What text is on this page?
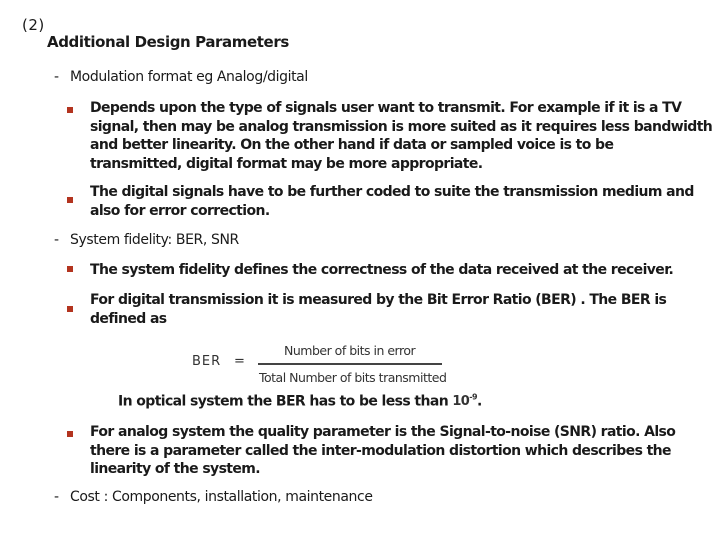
(2)
Additional Design Parameters
- Modulation format eg Analog/digital
Depends upon the type of signals user want to transmit. For example if it is a TV
signal, then may be analog transmission is more suited as it requires less bandwidth
and better linearity. On the other hand if data or sampled voice is to be
transmitted, digital format may be more appropriate.
The digital signals have to be further coded to suite the transmission medium and
also for error correction.
- System fidelity: BER, SNR
The system fidelity defines the correctness of the data received at the receiver.
For digital transmission it is measured by the Bit Error Ratio (BER) . The BER is
defined as
BER =
Number of bits in error
Total Number of bits transmitted
In optical system the BER has to be less than $10^{-9}$.
For analog system the quality parameter is the Signal-to-noise (SNR) ratio. Also
there is a parameter called the inter-modulation distortion which describes the
linearity of the system.
- Cost : Components, installation, maintenance
